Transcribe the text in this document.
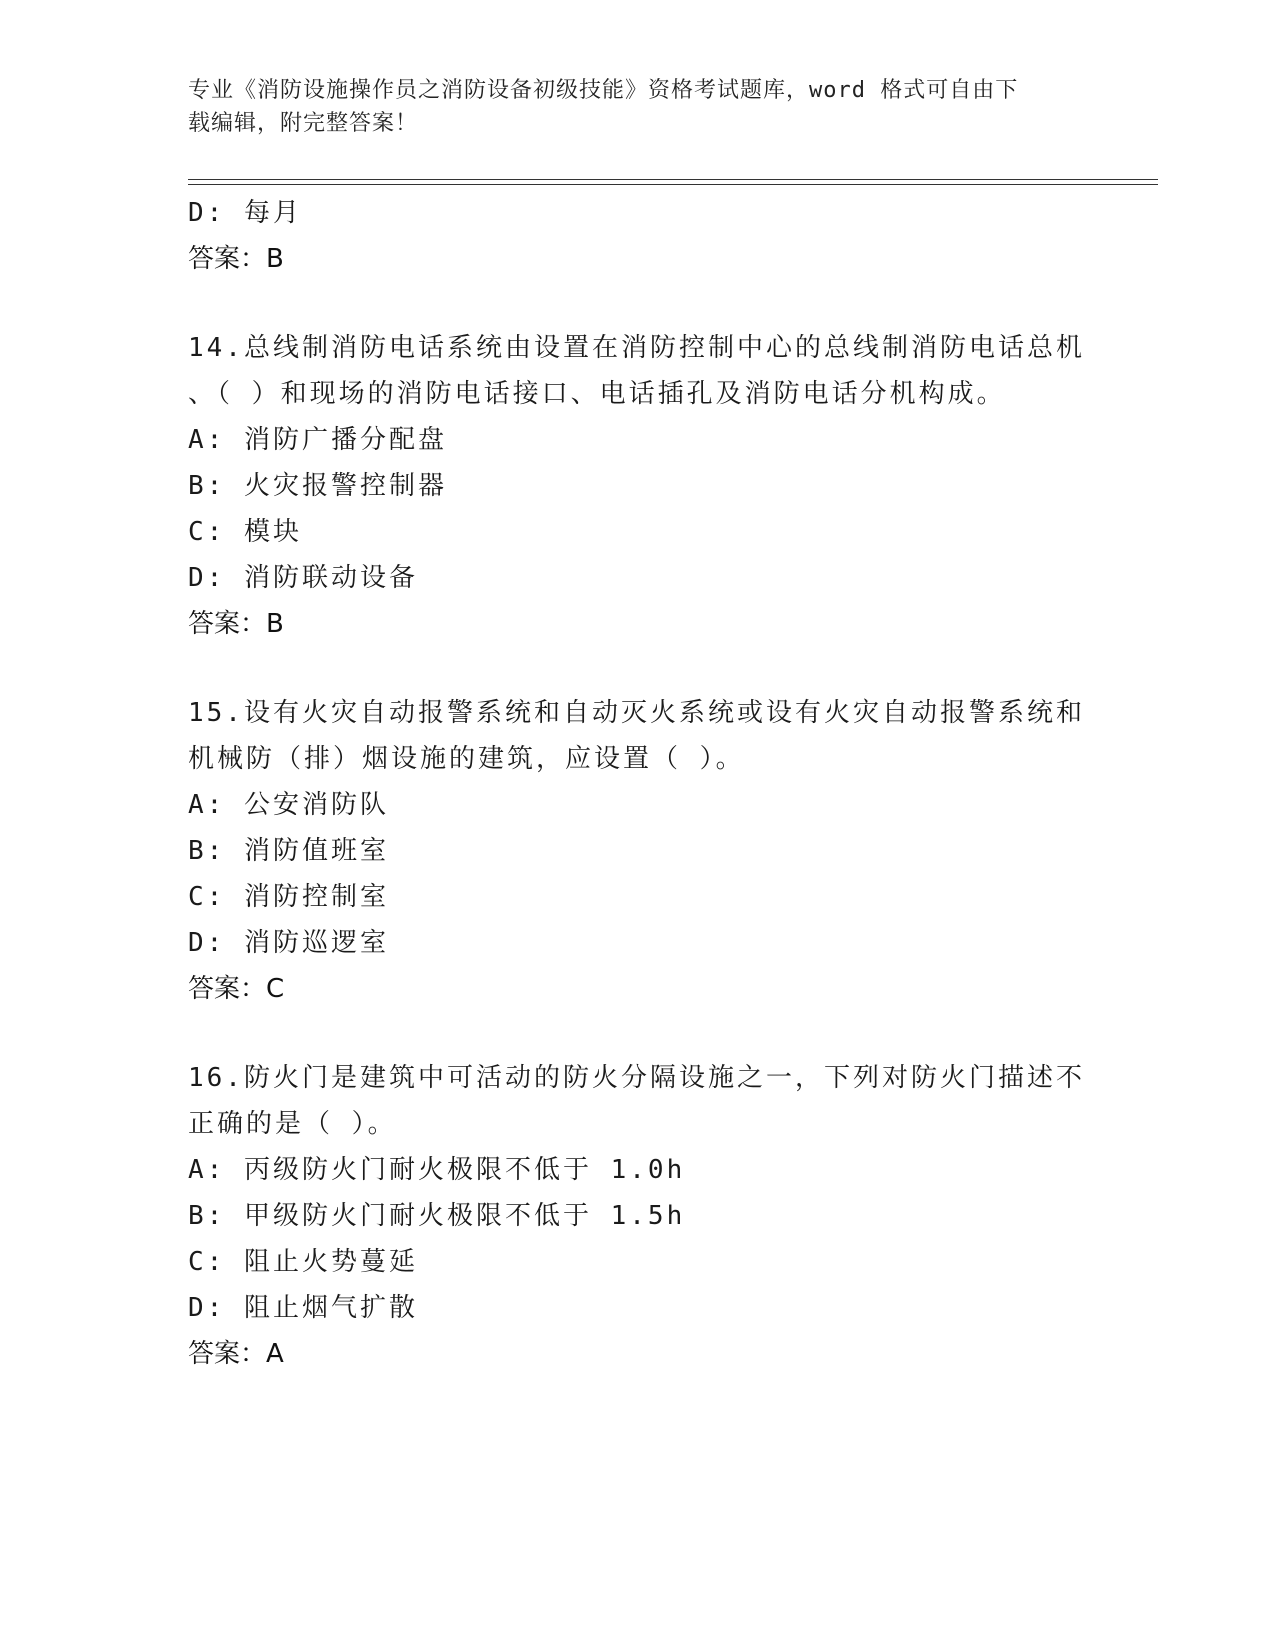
专业《消防设施操作员之消防设备初级技能》资格考试题库，word 格式可自由下
载编辑，附完整答案！
D: 每月
答案：B
14.总线制消防电话系统由设置在消防控制中心的总线制消防电话总机
、（ ）和现场的消防电话接口、电话插孔及消防电话分机构成。
A: 消防广播分配盘
B: 火灾报警控制器
C: 模块
D: 消防联动设备
答案：B
15.设有火灾自动报警系统和自动灭火系统或设有火灾自动报警系统和
机械防（排）烟设施的建筑，应设置（ ）。
A: 公安消防队
B: 消防值班室
C: 消防控制室
D: 消防巡逻室
答案：C
16.防火门是建筑中可活动的防火分隔设施之一，下列对防火门描述不
正确的是（ ）。
A: 丙级防火门耐火极限不低于 1.0h
B: 甲级防火门耐火极限不低于 1.5h
C: 阻止火势蔓延
D: 阻止烟气扩散
答案：A
